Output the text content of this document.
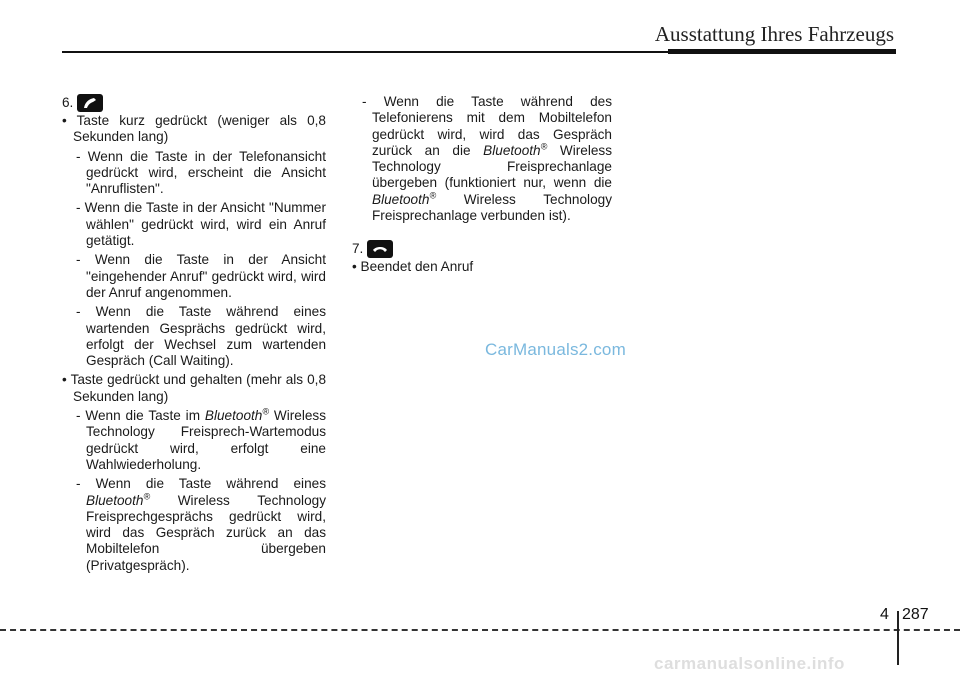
Ausstattung Ihres Fahrzeugs
6.
• Taste kurz gedrückt (weniger als 0,8 Sekunden lang)
- Wenn die Taste in der Telefonansicht gedrückt wird, erscheint die Ansicht "Anruflisten".
- Wenn die Taste in der Ansicht "Nummer wählen" gedrückt wird, wird ein Anruf getätigt.
- Wenn die Taste in der Ansicht "eingehender Anruf" gedrückt wird, wird der Anruf angenommen.
- Wenn die Taste während eines wartenden Gesprächs gedrückt wird, erfolgt der Wechsel zum wartenden Gespräch (Call Waiting).
• Taste gedrückt und gehalten (mehr als 0,8 Sekunden lang)
- Wenn die Taste im Bluetooth® Wireless Technology Freisprech-Wartemodus gedrückt wird, erfolgt eine Wahlwiederholung.
- Wenn die Taste während eines Bluetooth® Wireless Technology Freisprechgesprächs gedrückt wird, wird das Gespräch zurück an das Mobiltelefon übergeben (Privatgespräch).
- Wenn die Taste während des Telefonierens mit dem Mobiltelefon gedrückt wird, wird das Gespräch zurück an die Bluetooth® Wireless Technology Freisprechanlage übergeben (funktioniert nur, wenn die Bluetooth® Wireless Technology Freisprechanlage verbunden ist).
7.
• Beendet den Anruf
CarManuals2.com
4 287
carmanualsonline.info
